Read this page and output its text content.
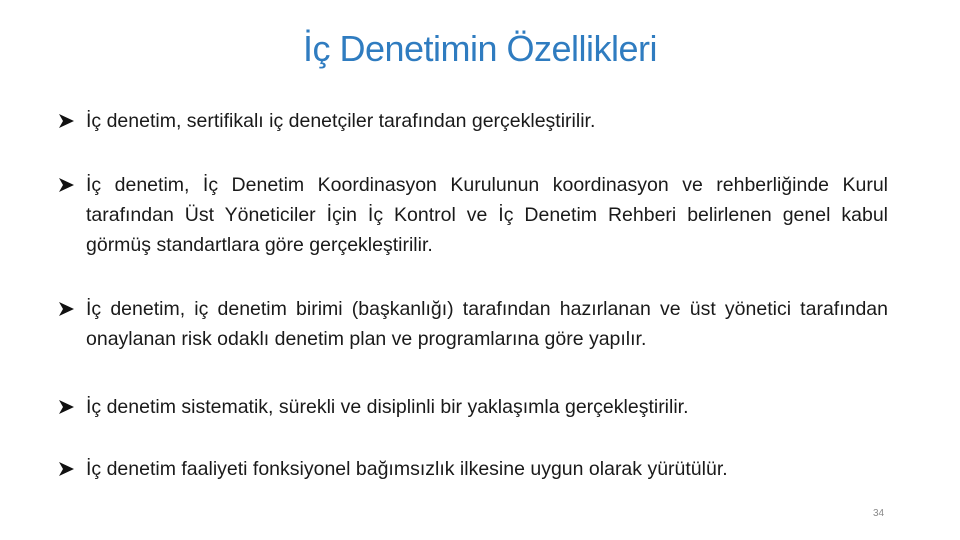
İç Denetimin Özellikleri
İç denetim, sertifikalı iç denetçiler tarafından gerçekleştirilir.
İç denetim, İç Denetim Koordinasyon Kurulunun koordinasyon ve rehberliğinde Kurul tarafından Üst Yöneticiler İçin İç Kontrol ve İç Denetim Rehberi belirlenen genel kabul görmüş standartlara göre gerçekleştirilir.
İç denetim, iç denetim birimi (başkanlığı) tarafından hazırlanan ve üst yönetici tarafından onaylanan risk odaklı denetim plan ve programlarına göre yapılır.
İç denetim sistematik, sürekli ve disiplinli bir yaklaşımla gerçekleştirilir.
İç denetim faaliyeti fonksiyonel bağımsızlık ilkesine uygun olarak yürütülür.
34
